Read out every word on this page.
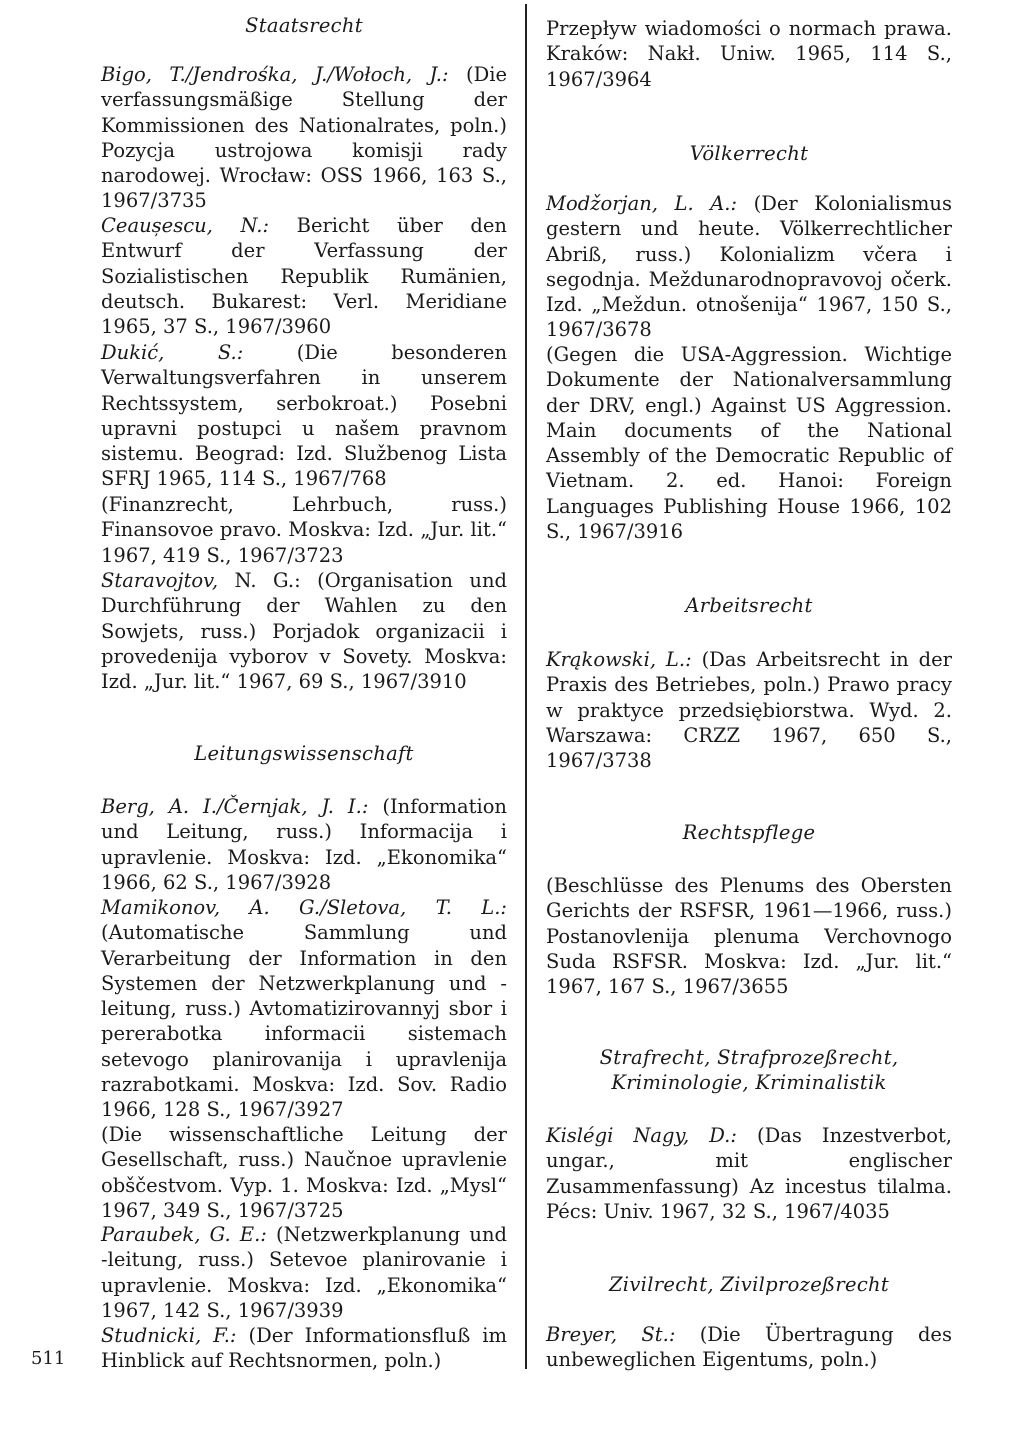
Staatsrecht
Bigo, T./Jendrośka, J./Wołoch, J.: (Die verfassungsmäßige Stellung der Kommissionen des Nationalrates, poln.) Pozycja ustrojowa komisji rady narodowej. Wrocław: OSS 1966, 163 S., 1967/3735
Ceaușescu, N.: Bericht über den Entwurf der Verfassung der Sozialistischen Republik Rumänien, deutsch. Bukarest: Verl. Meridiane 1965, 37 S., 1967/3960
Dukić, S.: (Die besonderen Verwaltungsverfahren in unserem Rechtssystem, serbokroat.) Posebni upravni postupci u našem pravnom sistemu. Beograd: Izd. Službenog Lista SFRJ 1965, 114 S., 1967/768
(Finanzrecht, Lehrbuch, russ.) Finansovoe pravo. Moskva: Izd. „Jur. lit.“ 1967, 419 S., 1967/3723
Staravojtov, N. G.: (Organisation und Durchführung der Wahlen zu den Sowjets, russ.) Porjadok organizacii i provedenija vyborov v Sovety. Moskva: Izd. „Jur. lit.“ 1967, 69 S., 1967/3910
Leitungswissenschaft
Berg, A. I./Černjak, J. I.: (Information und Leitung, russ.) Informacija i upravlenie. Moskva: Izd. „Ekonomika“ 1966, 62 S., 1967/3928
Mamikonov, A. G./Sletova, T. L.: (Automatische Sammlung und Verarbeitung der Information in den Systemen der Netzwerkplanung und -leitung, russ.) Avtomatizirovannyj sbor i pererabotka informacii sistemach setevogo planirovanija i upravlenija razrabotkami. Moskva: Izd. Sov. Radio 1966, 128 S., 1967/3927
(Die wissenschaftliche Leitung der Gesellschaft, russ.) Naučnoe upravlenie obščestvom. Vyp. 1. Moskva: Izd. „Mysl“ 1967, 349 S., 1967/3725
Paraubek, G. E.: (Netzwerkplanung und -leitung, russ.) Setevoe planirovanie i upravlenie. Moskva: Izd. „Ekonomika“ 1967, 142 S., 1967/3939
Studnicki, F.: (Der Informationsfluß im Hinblick auf Rechtsnormen, poln.)
Przepływ wiadomości o normach prawa. Kraków: Nakł. Uniw. 1965, 114 S., 1967/3964
Völkerrecht
Modžorjan, L. A.: (Der Kolonialismus gestern und heute. Völkerrechtlicher Abriß, russ.) Kolonializm včera i segodnja. Meždunarodnopravovoj očerk. Izd. „Meždun. otnošenija“ 1967, 150 S., 1967/3678
(Gegen die USA-Aggression. Wichtige Dokumente der Nationalversammlung der DRV, engl.) Against US Aggression. Main documents of the National Assembly of the Democratic Republic of Vietnam. 2. ed. Hanoi: Foreign Languages Publishing House 1966, 102 S., 1967/3916
Arbeitsrecht
Krąkowski, L.: (Das Arbeitsrecht in der Praxis des Betriebes, poln.) Prawo pracy w praktyce przedsiębiorstwa. Wyd. 2. Warszawa: CRZZ 1967, 650 S., 1967/3738
Rechtspflege
(Beschlüsse des Plenums des Obersten Gerichts der RSFSR, 1961—1966, russ.) Postanovlenija plenuma Verchovnogo Suda RSFSR. Moskva: Izd. „Jur. lit.“ 1967, 167 S., 1967/3655
Strafrecht, Strafprozeßrecht,
Kriminologie, Kriminalistik
Kislégi Nagy, D.: (Das Inzestverbot, ungar., mit englischer Zusammenfassung) Az incestus tilalma. Pécs: Univ. 1967, 32 S., 1967/4035
Zivilrecht, Zivilprozeßrecht
Breyer, St.: (Die Übertragung des unbeweglichen Eigentums, poln.)
511
